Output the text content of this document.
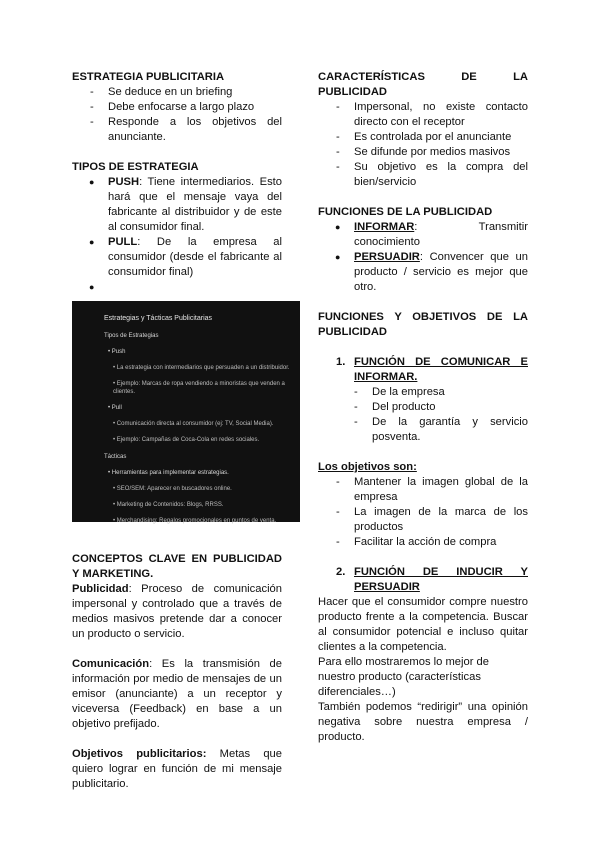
ESTRATEGIA PUBLICITARIA

- Se deduce en un briefing
- Debe enfocarse a largo plazo
- Responde a los objetivos del anunciante.

TIPOS DE ESTRATEGIA

● PUSH: Tiene intermediarios. Esto hará que el mensaje vaya del fabricante al distribuidor y de este al consumidor final.
● PULL: De la empresa al consumidor (desde el fabricante al consumidor final)
●
Estrategias y Tácticas Publicitarias
Tipos de Estrategias
• Push
• La estrategia con intermediarios que persuaden a un distribuidor.
• Ejemplo: Marcas de ropa vendiendo a minoristas que venden a clientes.
• Pull
• Comunicación directa al consumidor (ej: TV, Social Media).
• Ejemplo: Campañas de Coca-Cola en redes sociales.
Tácticas
• Herramientas para implementar estrategias.
• SEO/SEM: Aparecer en buscadores online.
• Marketing de Contenidos: Blogs, RRSS.
• Merchandising: Regalos promocionales en puntos de venta.

CONCEPTOS CLAVE EN PUBLICIDAD Y MARKETING.

Publicidad: Proceso de comunicación impersonal y controlado que a través de medios masivos pretende dar a conocer un producto o servicio.

Comunicación: Es la transmisión de información por medio de mensajes de un emisor (anunciante) a un receptor y viceversa (Feedback) en base a un objetivo prefijado.

Objetivos publicitarios: Metas que quiero lograr en función de mi mensaje publicitario.

CARACTERÍSTICAS DE LA PUBLICIDAD

- Impersonal, no existe contacto directo con el receptor
- Es controlada por el anunciante
- Se difunde por medios masivos
- Su objetivo es la compra del bien/servicio

FUNCIONES DE LA PUBLICIDAD

● INFORMAR: Transmitir conocimiento
● PERSUADIR: Convencer que un producto / servicio es mejor que otro.

FUNCIONES Y OBJETIVOS DE LA PUBLICIDAD

1. FUNCIÓN DE COMUNICAR E INFORMAR.
- De la empresa
- Del producto
- De la garantía y servicio posventa.

Los objetivos son:

- Mantener la imagen global de la empresa
- La imagen de la marca de los productos
- Facilitar la acción de compra
2. FUNCIÓN DE INDUCIR Y PERSUADIR

Hacer que el consumidor compre nuestro producto frente a la competencia. Buscar al consumidor potencial e incluso quitar clientes a la competencia.

Para ello mostraremos lo mejor de nuestro producto (características diferenciales…)

También podemos “redirigir” una opinión negativa sobre nuestra empresa / producto.
